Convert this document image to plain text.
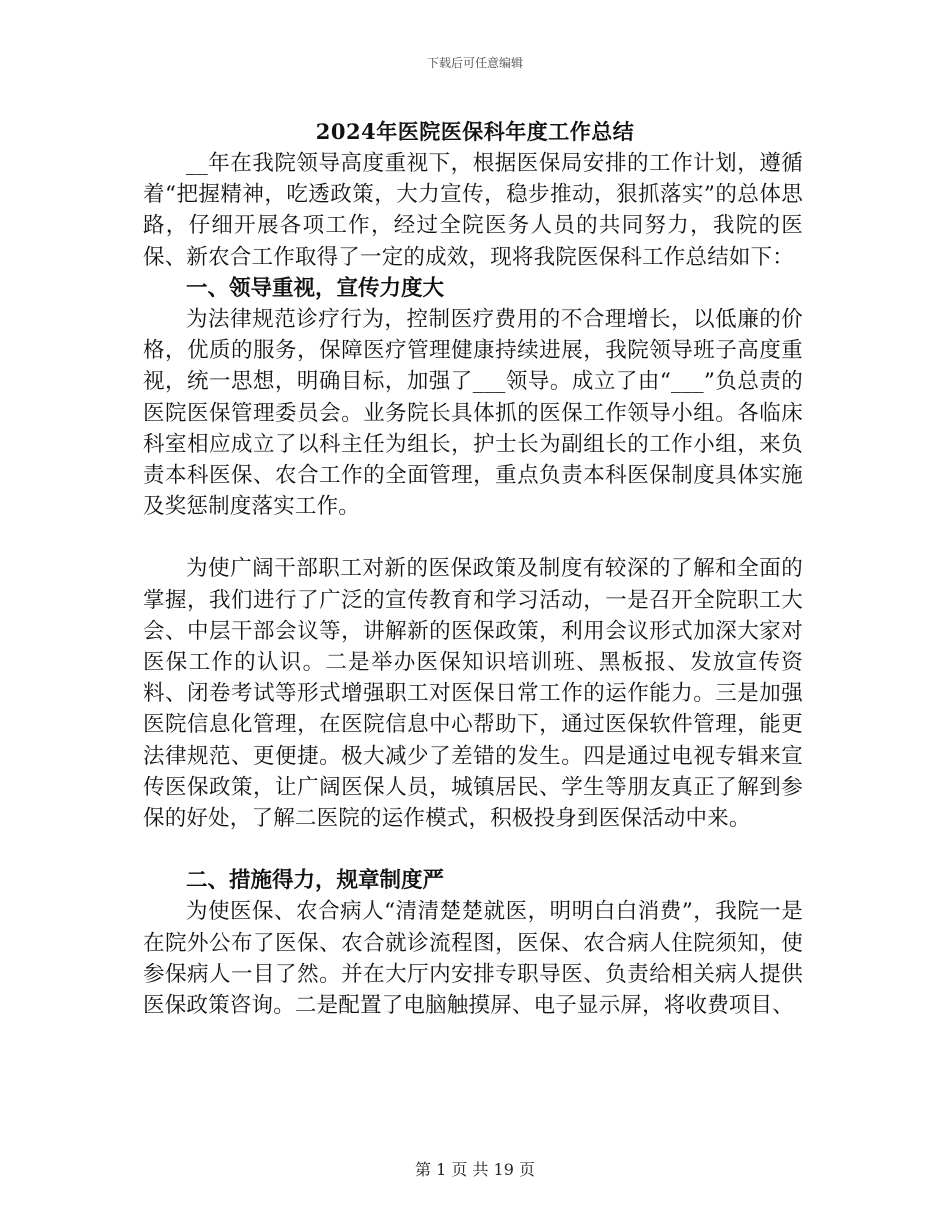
下载后可任意编辑
2024年医院医保科年度工作总结

__年在我院领导高度重视下，根据医保局安排的工作计划，遵循着“把握精神，吃透政策，大力宣传，稳步推动，狠抓落实”的总体思路，仔细开展各项工作，经过全院医务人员的共同努力，我院的医保、新农合工作取得了一定的成效，现将我院医保科工作总结如下：

一、领导重视，宣传力度大

为法律规范诊疗行为，控制医疗费用的不合理增长，以低廉的价格，优质的服务，保障医疗管理健康持续进展，我院领导班子高度重视，统一思想，明确目标，加强了___领导。成立了由“___”负总责的医院医保管理委员会。业务院长具体抓的医保工作领导小组。各临床科室相应成立了以科主任为组长，护士长为副组长的工作小组，来负责本科医保、农合工作的全面管理，重点负责本科医保制度具体实施及奖惩制度落实工作。

为使广阔干部职工对新的医保政策及制度有较深的了解和全面的掌握，我们进行了广泛的宣传教育和学习活动，一是召开全院职工大会、中层干部会议等，讲解新的医保政策，利用会议形式加深大家对医保工作的认识。二是举办医保知识培训班、黑板报、发放宣传资料、闭卷考试等形式增强职工对医保日常工作的运作能力。三是加强医院信息化管理，在医院信息中心帮助下，通过医保软件管理，能更法律规范、更便捷。极大减少了差错的发生。四是通过电视专辑来宣传医保政策，让广阔医保人员，城镇居民、学生等朋友真正了解到参保的好处，了解二医院的运作模式，积极投身到医保活动中来。

二、措施得力，规章制度严

为使医保、农合病人“清清楚楚就医，明明白白消费”，我院一是在院外公布了医保、农合就诊流程图，医保、农合病人住院须知，使参保病人一目了然。并在大厅内安排专职导医、负责给相关病人提供医保政策咨询。二是配置了电脑触摸屏、电子显示屏，将收费项目、

第 1 页 共 19 页
